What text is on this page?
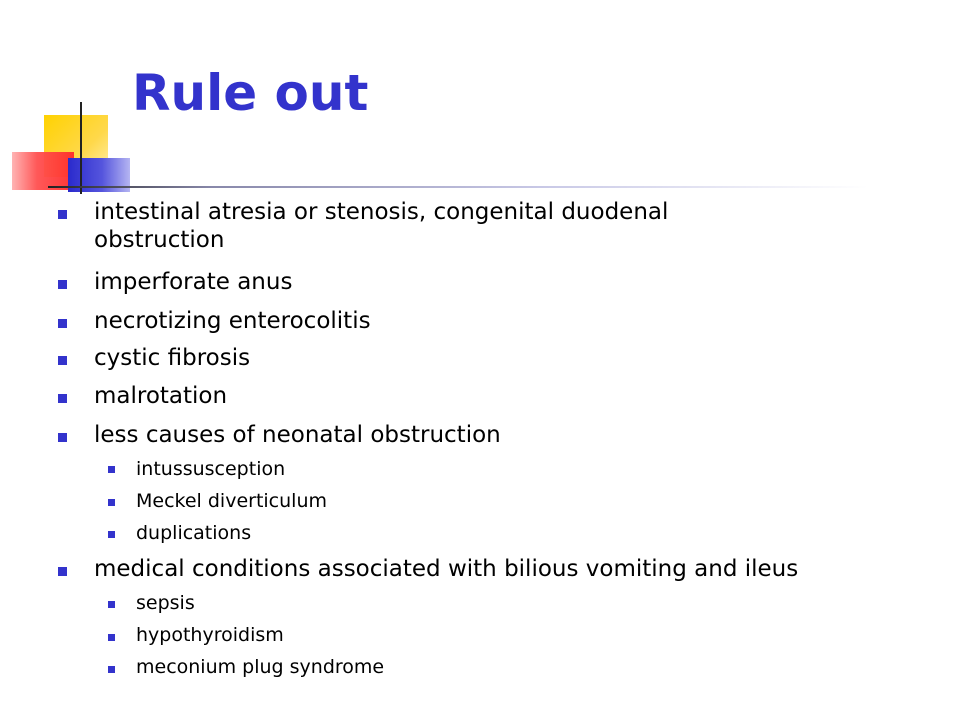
Rule out
intestinal atresia or stenosis, congenital duodenal
obstruction
imperforate anus
necrotizing enterocolitis
cystic fibrosis
malrotation
less causes of neonatal obstruction
intussusception
Meckel diverticulum
duplications
medical conditions associated with bilious vomiting and ileus
sepsis
hypothyroidism
meconium plug syndrome
